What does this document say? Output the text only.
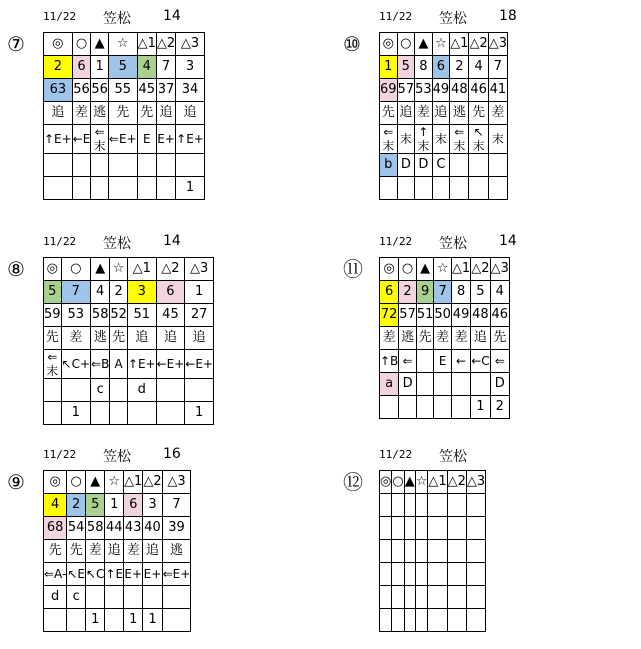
11/22 笠松 14
⑦ ◎	○	▲	☆	△1	△2	△3
2	6	1	5	4	7	3
63	56	56	55	45	37	34
追	差	逃	先	先	追	追
↑E+	←E	⇐末	⇐E+	E	E+	↑E+

						1
11/22 笠松 18
⑩ ◎	○	▲	☆	△1	△2	△3
1	5	8	6	2	4	7
69	57	53	49	48	46	41
先	追	差	追	逃	先	差
⇐末	末	↑末	末	⇐末	↖末	末
b	D	D	C			

11/22 笠松 14
⑧ ◎	○	▲	☆	△1	△2	△3
5	7	4	2	3	6	1
59	53	58	52	51	45	27
先	差	逃	先	追	追	追
⇐末	↖C+	⇐B	A	↑E+	←E+	←E+
		c		d		
	1					1
11/22 笠松 14
⑪ ◎	○	▲	☆	△1	△2	△3
6	2	9	7	8	5	4
72	57	51	50	49	48	46
差	逃	先	差	差	追	先
↑B	⇐		E	←	←C	⇐
a	D					D
					1	2
11/22 笠松 16
⑨ ◎	○	▲	☆	△1	△2	△3
4	2	5	1	6	3	7
68	54	58	44	43	40	39
先	先	差	追	差	追	逃
⇐A-	↖E	↖C	↑E	E+	E+	⇐E+
d	c					
		1		1	1	
11/22 笠松
⑫ ◎	○	▲	☆	△1	△2	△3
